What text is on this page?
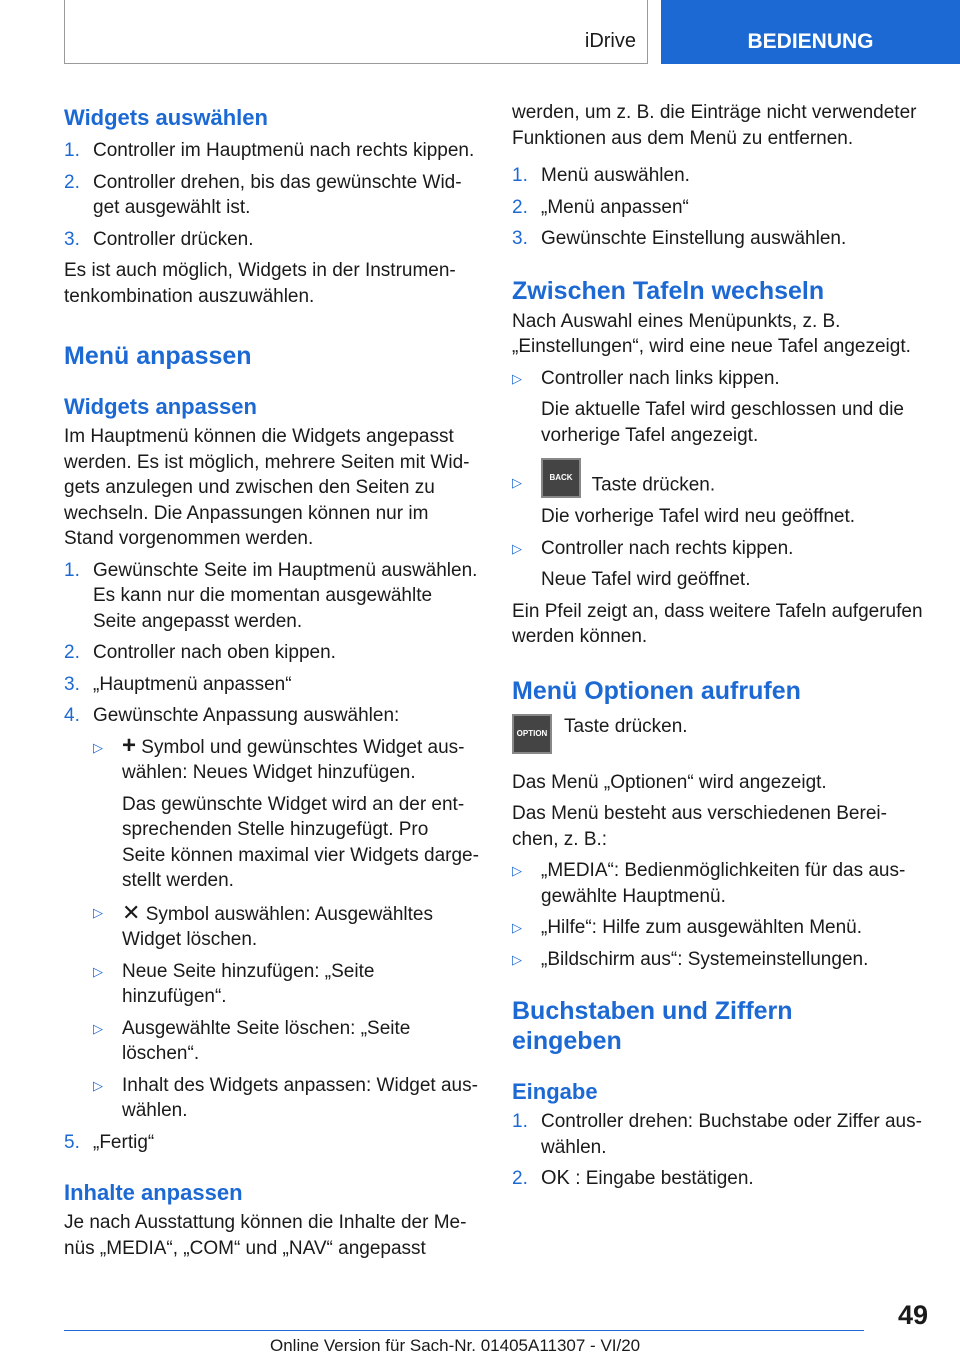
iDrive	BEDIENUNG
Widgets auswählen
1. Controller im Hauptmenü nach rechts kippen.
2. Controller drehen, bis das gewünschte Wid‐
get ausgewählt ist.
3. Controller drücken.

Es ist auch möglich, Widgets in der Instrumen‐
tenkombination auszuwählen.

Menü anpassen
Widgets anpassen

Im Hauptmenü können die Widgets angepasst
werden. Es ist möglich, mehrere Seiten mit Wid‐
gets anzulegen und zwischen den Seiten zu
wechseln. Die Anpassungen können nur im
Stand vorgenommen werden.

1. Gewünschte Seite im Hauptmenü auswählen.
Es kann nur die momentan ausgewählte
Seite angepasst werden.
2. Controller nach oben kippen.
3. „Hauptmenü anpassen“
4. Gewünschte Anpassung auswählen:
▷ + Symbol und gewünschtes Widget aus‐
wählen: Neues Widget hinzufügen.
Das gewünschte Widget wird an der ent‐
sprechenden Stelle hinzugefügt. Pro
Seite können maximal vier Widgets darge‐
stellt werden.
▷ ✕ Symbol auswählen: Ausgewähltes
Widget löschen.
▷ Neue Seite hinzufügen: „Seite
hinzufügen“.
▷ Ausgewählte Seite löschen: „Seite
löschen“.
▷ Inhalt des Widgets anpassen: Widget aus‐
wählen.
5. „Fertig“
Inhalte anpassen

Je nach Ausstattung können die Inhalte der Me‐
nüs „MEDIA“, „COM“ und „NAV“ angepasst

werden, um z. B. die Einträge nicht verwendeter
Funktionen aus dem Menü zu entfernen.

1. Menü auswählen.
2. „Menü anpassen“
3. Gewünschte Einstellung auswählen.
Zwischen Tafeln wechseln

Nach Auswahl eines Menüpunkts, z. B.
„Einstellungen“, wird eine neue Tafel angezeigt.

▷ Controller nach links kippen.
Die aktuelle Tafel wird geschlossen und die
vorherige Tafel angezeigt.
▷	BACK Taste drücken.
Die vorherige Tafel wird neu geöffnet.
▷ Controller nach rechts kippen.
Neue Tafel wird geöffnet.

Ein Pfeil zeigt an, dass weitere Tafeln aufgerufen
werden können.

Menü Optionen aufrufen
OPTION Taste drücken.

Das Menü „Optionen“ wird angezeigt.

Das Menü besteht aus verschiedenen Berei‐
chen, z. B.:

▷ „MEDIA“: Bedienmöglichkeiten für das aus‐
gewählte Hauptmenü.
▷ „Hilfe“: Hilfe zum ausgewählten Menü.
▷ „Bildschirm aus“: Systemeinstellungen.
Buchstaben und Ziffern
eingeben
Eingabe
1. Controller drehen: Buchstabe oder Ziffer aus‐
wählen.
2. OK : Eingabe bestätigen.
49
Online Version für Sach-Nr. 01405A11307 - VI/20
